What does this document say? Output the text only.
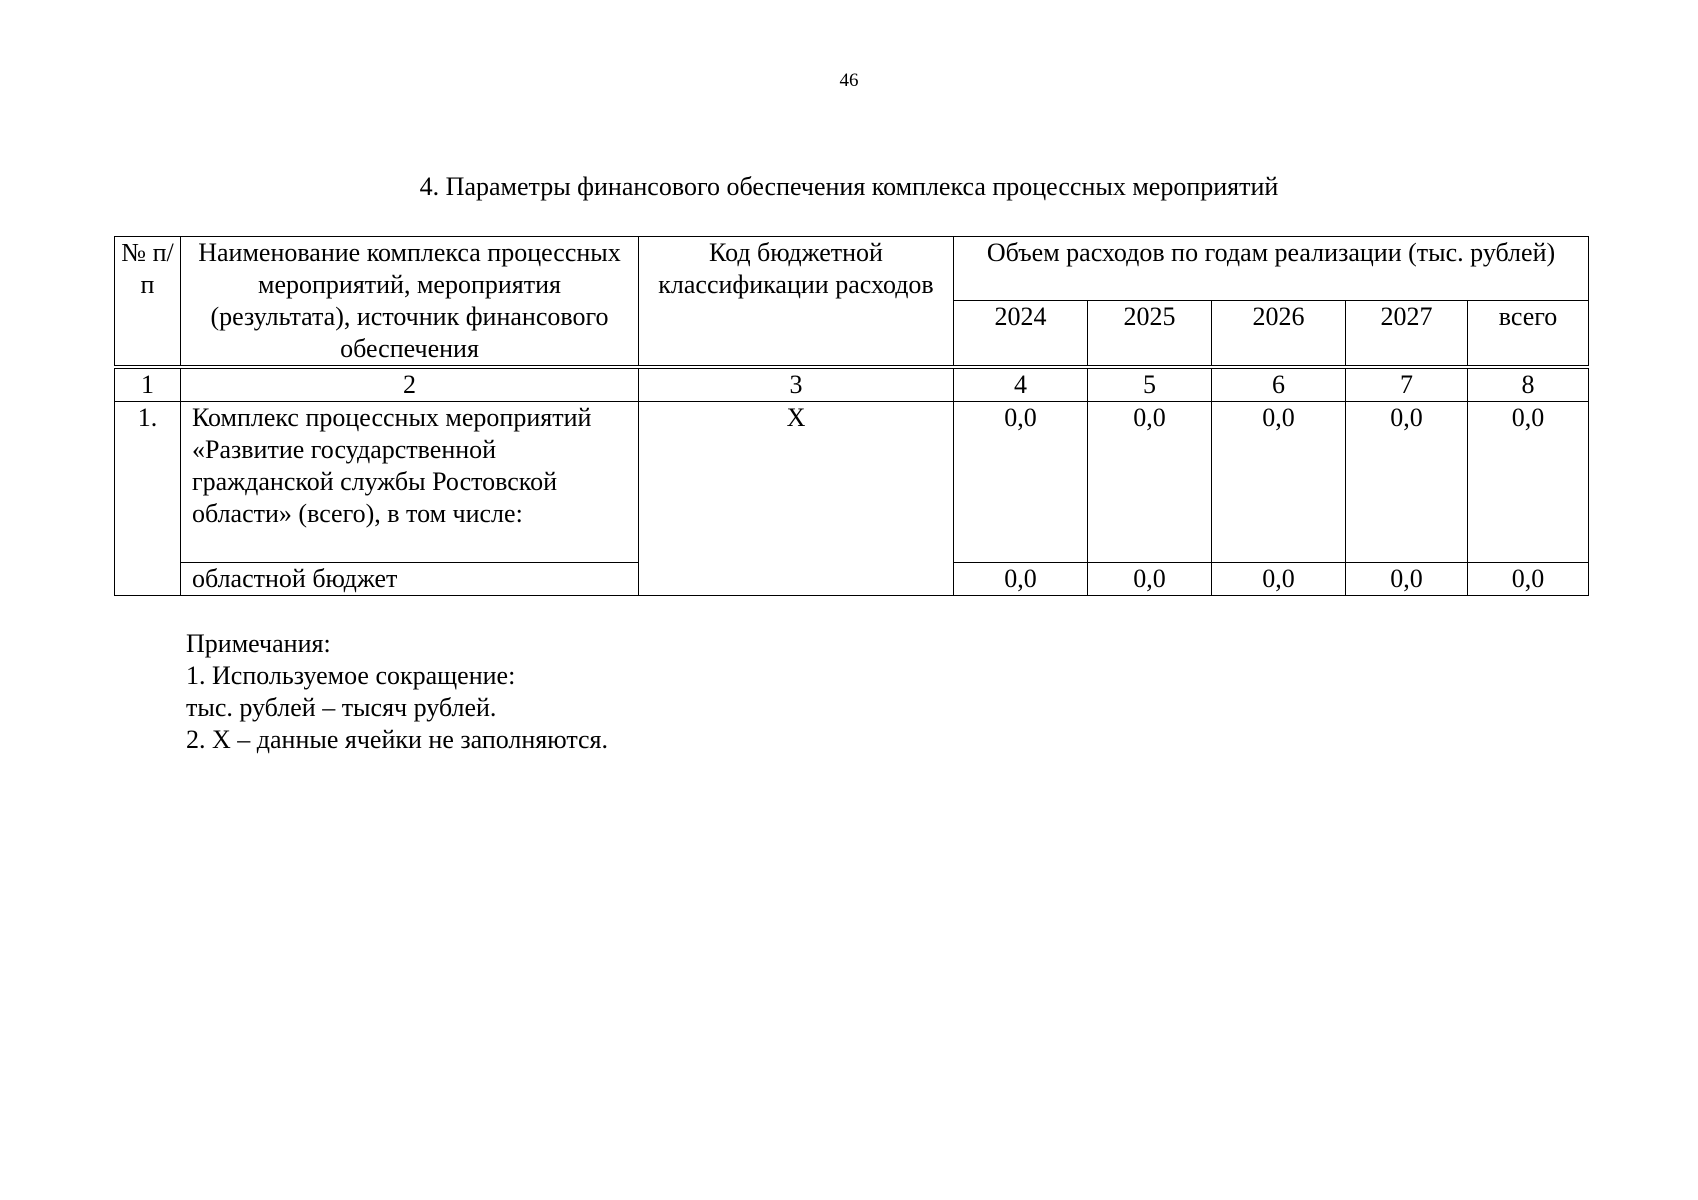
46
4. Параметры финансового обеспечения комплекса процессных мероприятий
№ п/п	Наименование комплекса процессных мероприятий, мероприятия (результата), источник финансового обеспечения	Код бюджетной классификации расходов	Объем расходов по годам реализации (тыс. рублей)				
			2024	2025	2026	2027	всего
1	2	3	4	5	6	7	8
1.	Комплекс процессных мероприятий «Развитие государственной гражданской службы Ростовской области» (всего), в том числе:	Х	0,0	0,0	0,0	0,0	0,0
	областной бюджет		0,0	0,0	0,0	0,0	0,0
Примечания:
1. Используемое сокращение:
тыс. рублей – тысяч рублей.
2. Х – данные ячейки не заполняются.
